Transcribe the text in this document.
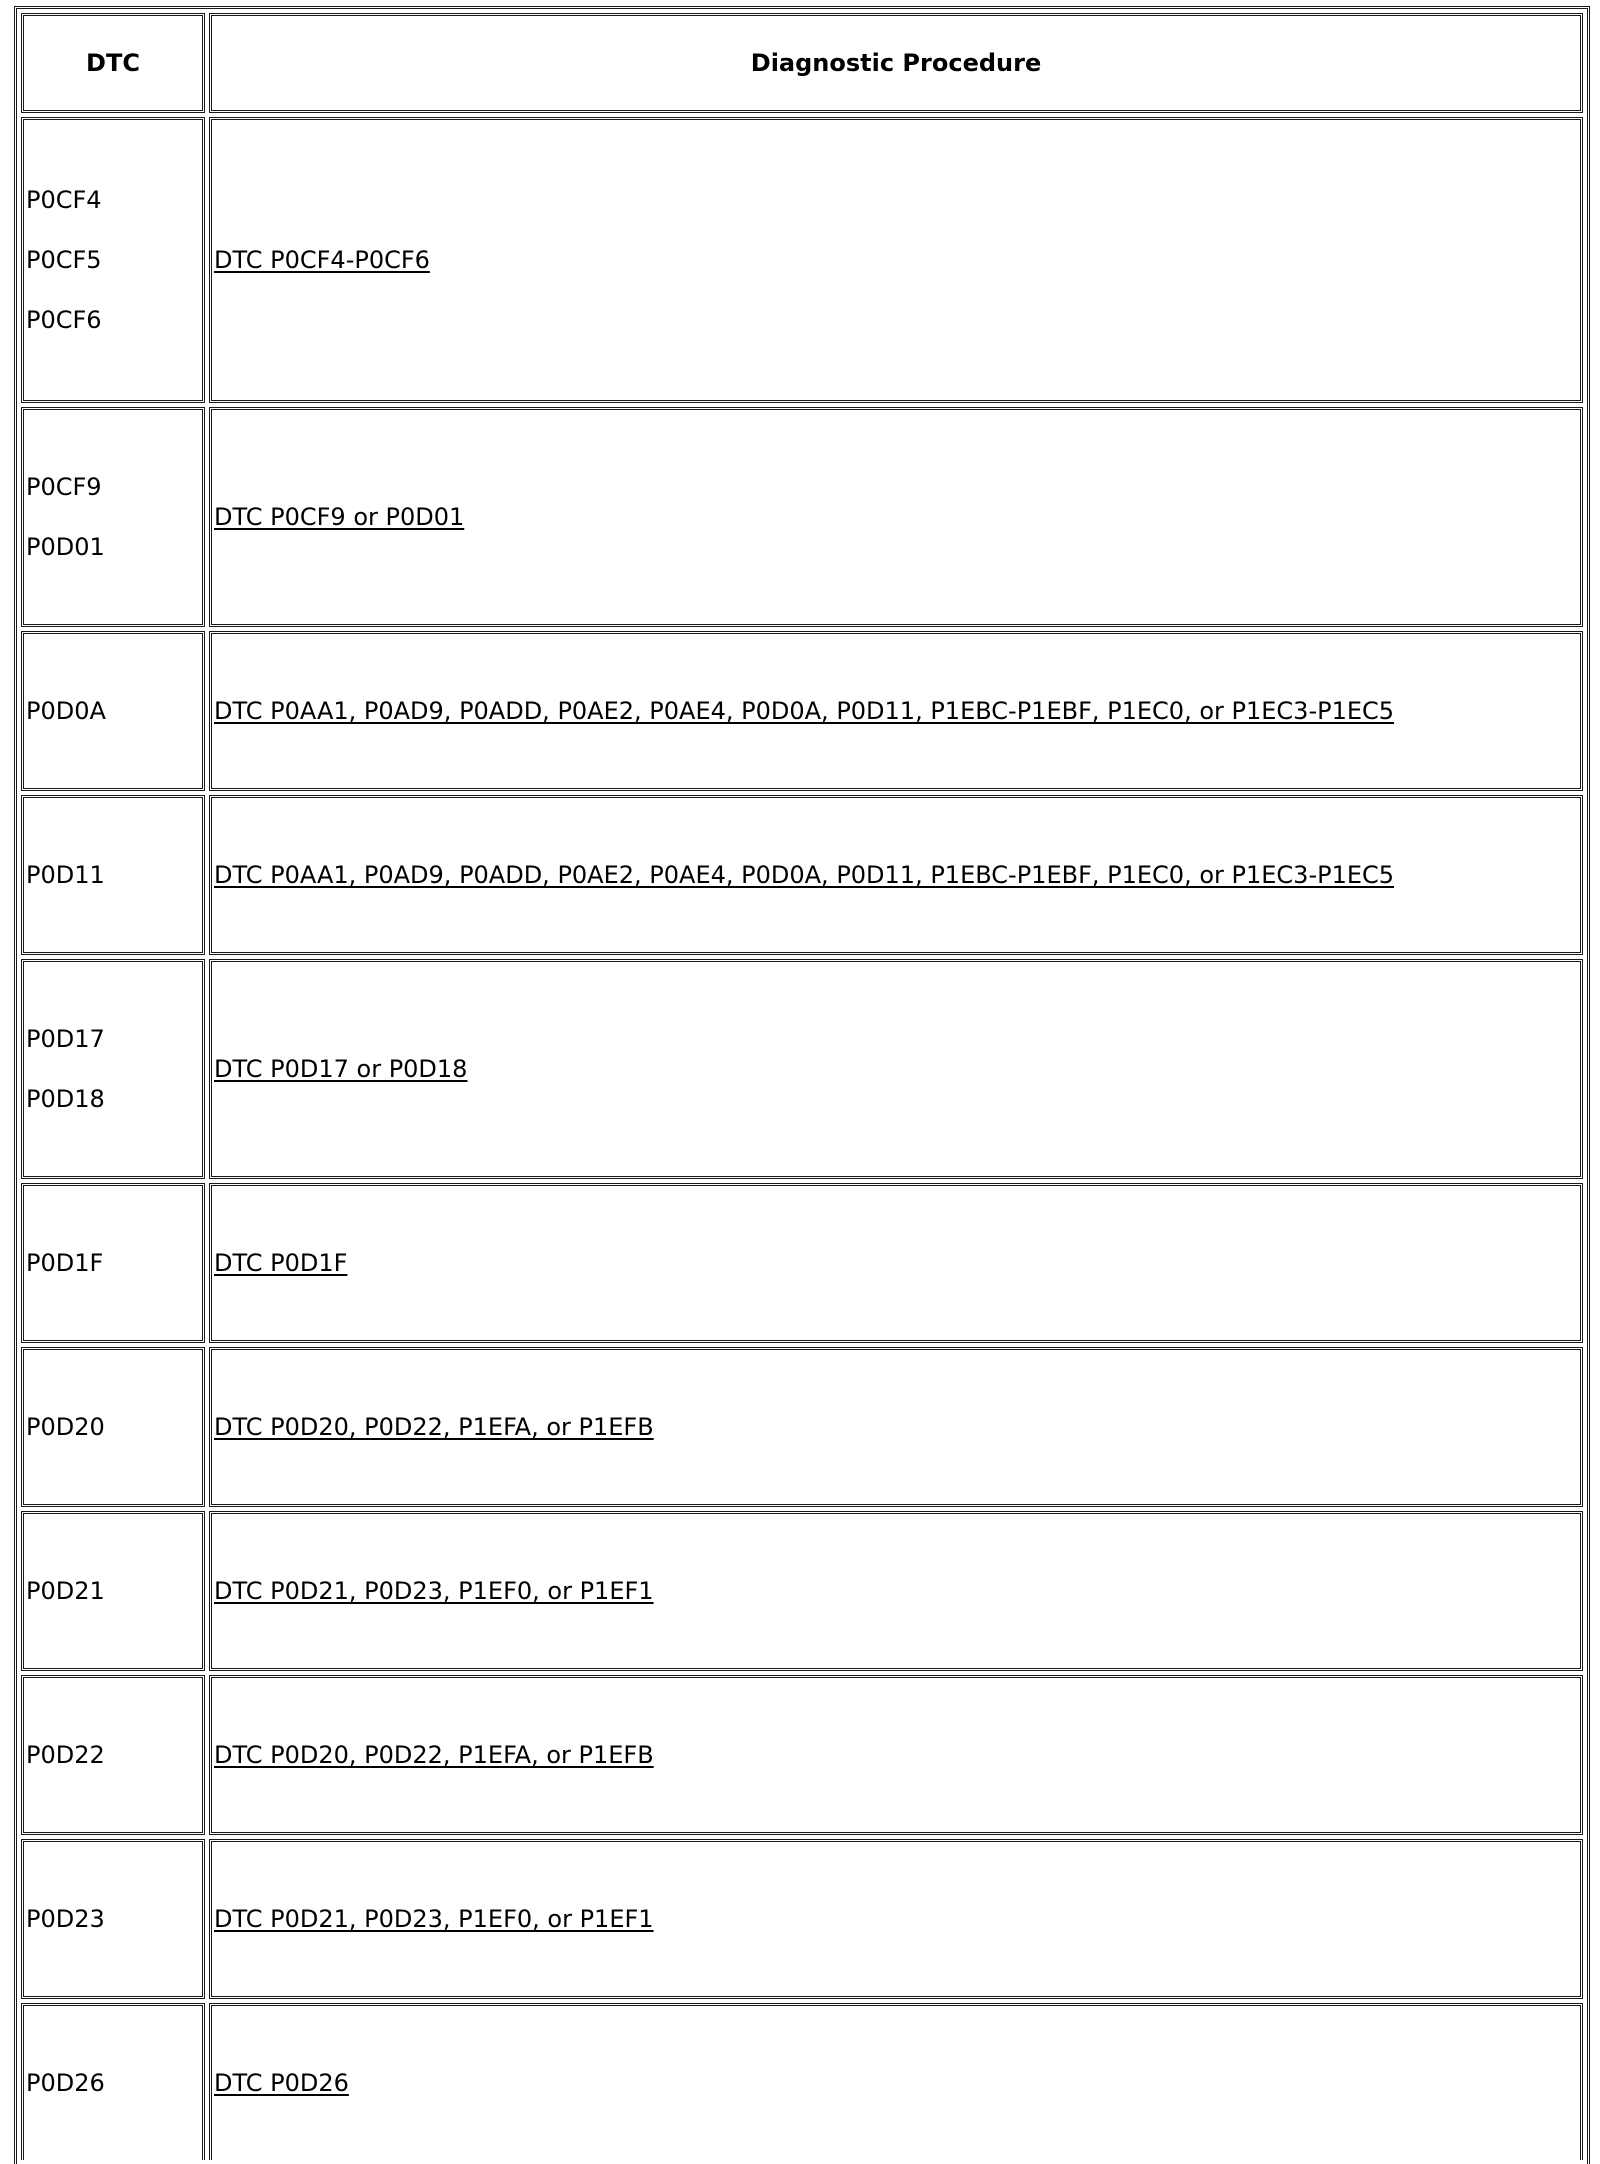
DTC	Diagnostic Procedure

P0CF4
P0CF5
P0CF6	DTC P0CF4-P0CF6

P0CF9
P0D01	DTC P0CF9 or P0D01

P0D0A	DTC P0AA1, P0AD9, P0ADD, P0AE2, P0AE4, P0D0A, P0D11, P1EBC-P1EBF, P1EC0, or P1EC3-P1EC5

P0D11	DTC P0AA1, P0AD9, P0ADD, P0AE2, P0AE4, P0D0A, P0D11, P1EBC-P1EBF, P1EC0, or P1EC3-P1EC5

P0D17
P0D18	DTC P0D17 or P0D18

P0D1F	DTC P0D1F

P0D20	DTC P0D20, P0D22, P1EFA, or P1EFB

P0D21	DTC P0D21, P0D23, P1EF0, or P1EF1

P0D22	DTC P0D20, P0D22, P1EFA, or P1EFB

P0D23	DTC P0D21, P0D23, P1EF0, or P1EF1

P0D26	DTC P0D26
